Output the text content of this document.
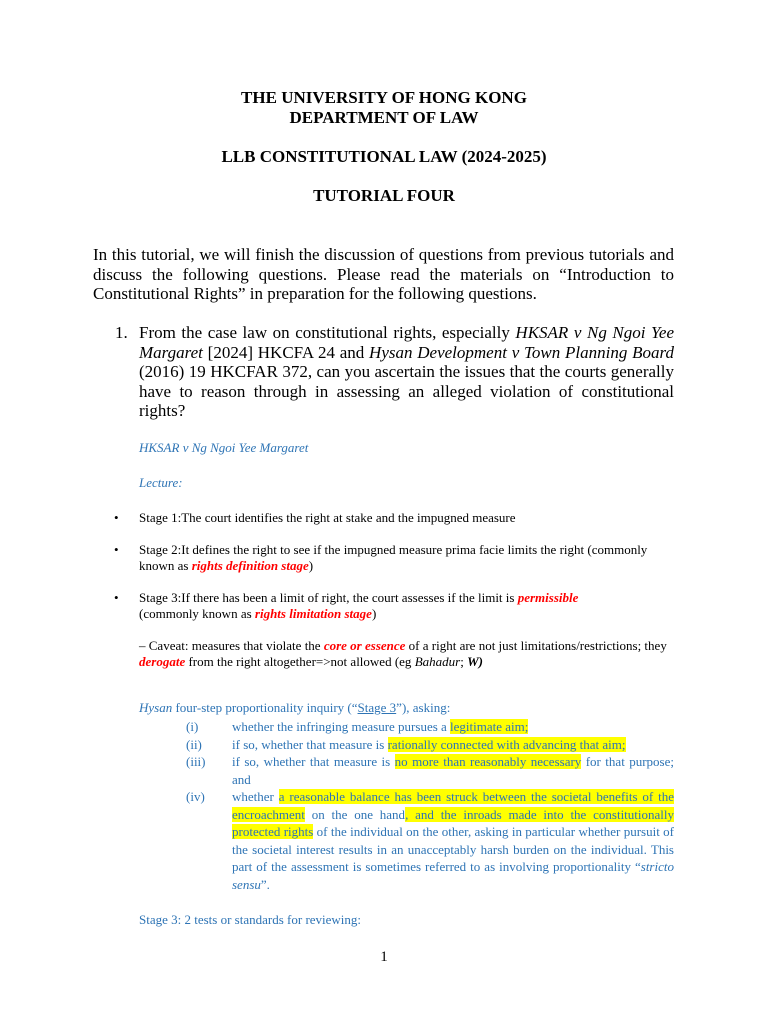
THE UNIVERSITY OF HONG KONG
DEPARTMENT OF LAW
LLB CONSTITUTIONAL LAW (2024-2025)
TUTORIAL FOUR
In this tutorial, we will finish the discussion of questions from previous tutorials and discuss the following questions. Please read the materials on “Introduction to Constitutional Rights” in preparation for the following questions.
1. From the case law on constitutional rights, especially HKSAR v Ng Ngoi Yee Margaret [2024] HKCFA 24 and Hysan Development v Town Planning Board (2016) 19 HKCFAR 372, can you ascertain the issues that the courts generally have to reason through in assessing an alleged violation of constitutional rights?
HKSAR v Ng Ngoi Yee Margaret
Lecture:
• Stage 1:The court identifies the right at stake and the impugned measure
• Stage 2:It defines the right to see if the impugned measure prima facie limits the right (commonly known as rights definition stage)
• Stage 3:If there has been a limit of right, the court assesses if the limit is permissible
(commonly known as rights limitation stage)
– Caveat: measures that violate the core or essence of a right are not just limitations/restrictions; they derogate from the right altogether=>not allowed (eg Bahadur; W)
Hysan four-step proportionality inquiry (“Stage 3”), asking:
(i)	whether the infringing measure pursues a legitimate aim;
(ii) if so, whether that measure is rationally connected with advancing that aim;
(iii) if so, whether that measure is no more than reasonably necessary for that purpose; and
(iv) whether a reasonable balance has been struck between the societal benefits of the encroachment on the one hand, and the inroads made into the constitutionally protected rights of the individual on the other, asking in particular whether pursuit of the societal interest results in an unacceptably harsh burden on the individual. This part of the assessment is sometimes referred to as involving proportionality “stricto sensu”.
Stage 3: 2 tests or standards for reviewing:
1
